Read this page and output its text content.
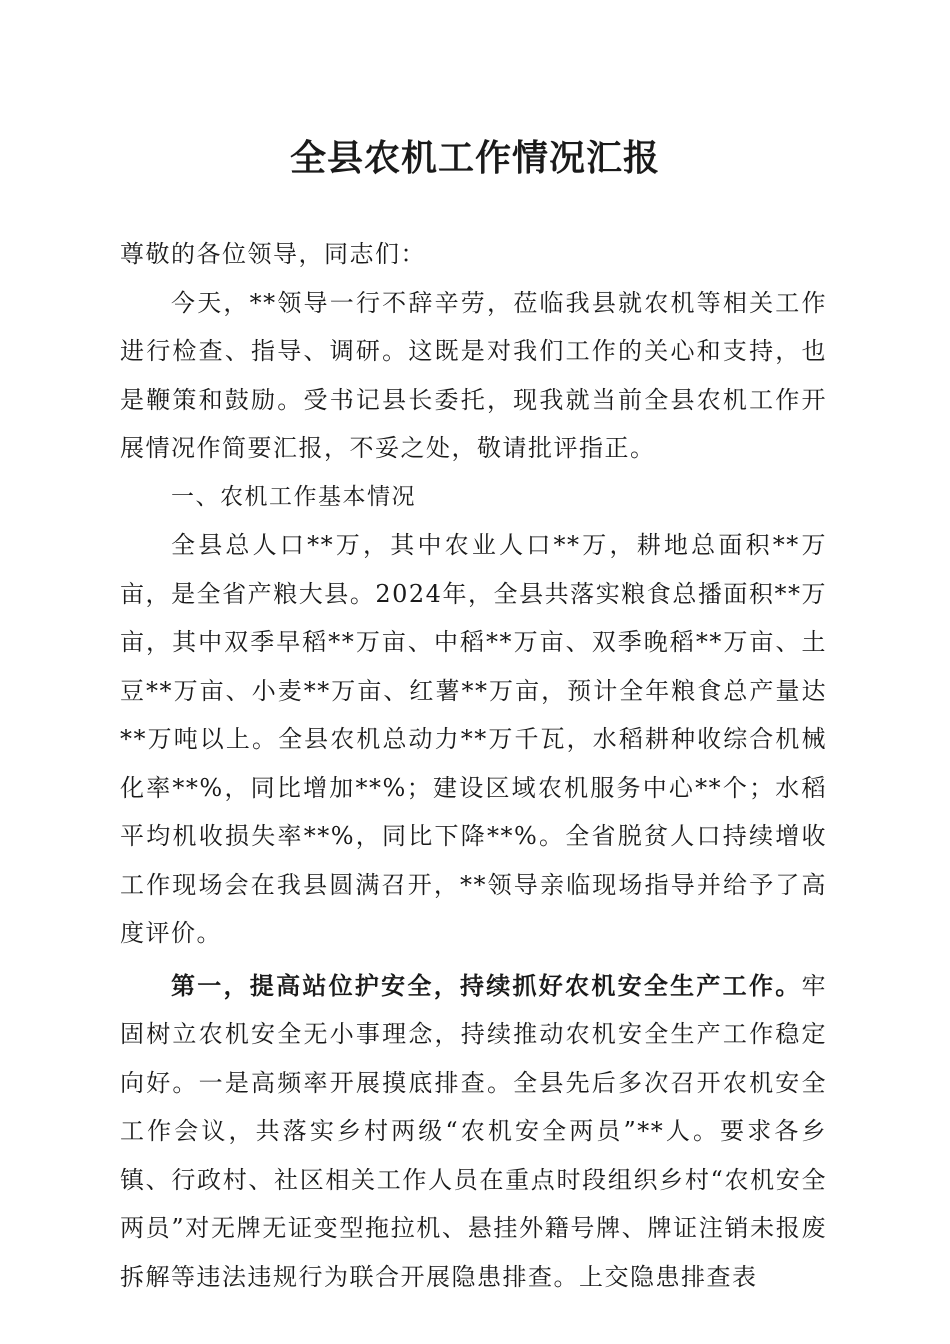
全县农机工作情况汇报

尊敬的各位领导，同志们：

今天，**领导一行不辞辛劳，莅临我县就农机等相关工作进行检查、指导、调研。这既是对我们工作的关心和支持，也是鞭策和鼓励。受书记县长委托，现我就当前全县农机工作开展情况作简要汇报，不妥之处，敬请批评指正。

一、农机工作基本情况

全县总人口**万，其中农业人口**万，耕地总面积**万亩，是全省产粮大县。2024年，全县共落实粮食总播面积**万亩，其中双季早稻**万亩、中稻**万亩、双季晚稻**万亩、土豆**万亩、小麦**万亩、红薯**万亩，预计全年粮食总产量达**万吨以上。全县农机总动力**万千瓦，水稻耕种收综合机械化率**%，同比增加**%；建设区域农机服务中心**个；水稻平均机收损失率**%，同比下降**%。全省脱贫人口持续增收工作现场会在我县圆满召开，**领导亲临现场指导并给予了高度评价。

第一，提高站位护安全，持续抓好农机安全生产工作。牢固树立农机安全无小事理念，持续推动农机安全生产工作稳定向好。一是高频率开展摸底排查。全县先后多次召开农机安全工作会议，共落实乡村两级“农机安全两员”**人。要求各乡镇、行政村、社区相关工作人员在重点时段组织乡村“农机安全两员”对无牌无证变型拖拉机、悬挂外籍号牌、牌证注销未报废拆解等违法违规行为联合开展隐患排查。上交隐患排查表
